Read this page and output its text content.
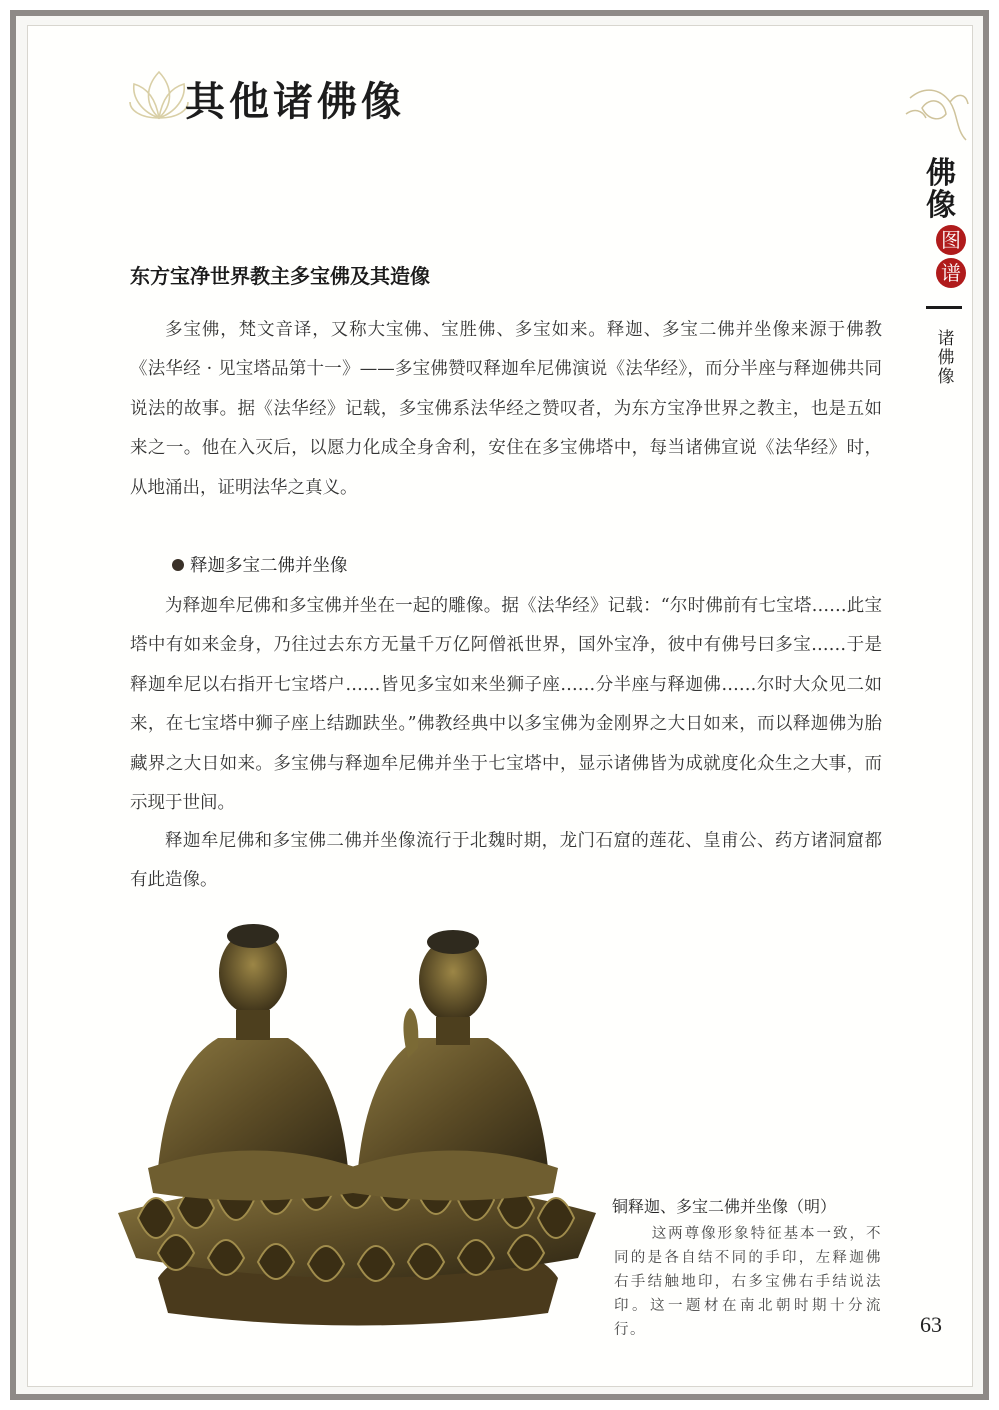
其他诸佛像
佛
像
图
谱
诸佛像
东方宝净世界教主多宝佛及其造像

多宝佛，梵文音译，又称大宝佛、宝胜佛、多宝如来。释迦、多宝二佛并坐像来源于佛教《法华经 · 见宝塔品第十一》——多宝佛赞叹释迦牟尼佛演说《法华经》，而分半座与释迦佛共同说法的故事。据《法华经》记载，多宝佛系法华经之赞叹者，为东方宝净世界之教主，也是五如来之一。他在入灭后，以愿力化成全身舍利，安住在多宝佛塔中，每当诸佛宣说《法华经》时，从地涌出，证明法华之真义。

释迦多宝二佛并坐像

为释迦牟尼佛和多宝佛并坐在一起的雕像。据《法华经》记载：“尔时佛前有七宝塔……此宝塔中有如来金身，乃往过去东方无量千万亿阿僧祇世界，国外宝净，彼中有佛号曰多宝……于是释迦牟尼以右指开七宝塔户……皆见多宝如来坐狮子座……分半座与释迦佛……尔时大众见二如来，在七宝塔中狮子座上结跏趺坐。”佛教经典中以多宝佛为金刚界之大日如来，而以释迦佛为胎藏界之大日如来。多宝佛与释迦牟尼佛并坐于七宝塔中，显示诸佛皆为成就度化众生之大事，而示现于世间。

释迦牟尼佛和多宝佛二佛并坐像流行于北魏时期，龙门石窟的莲花、皇甫公、药方诸洞窟都有此造像。

铜释迦、多宝二佛并坐像（明）

这两尊像形象特征基本一致，不同的是各自结不同的手印，左释迦佛右手结触地印，右多宝佛右手结说法印。这一题材在南北朝时期十分流行。	63
